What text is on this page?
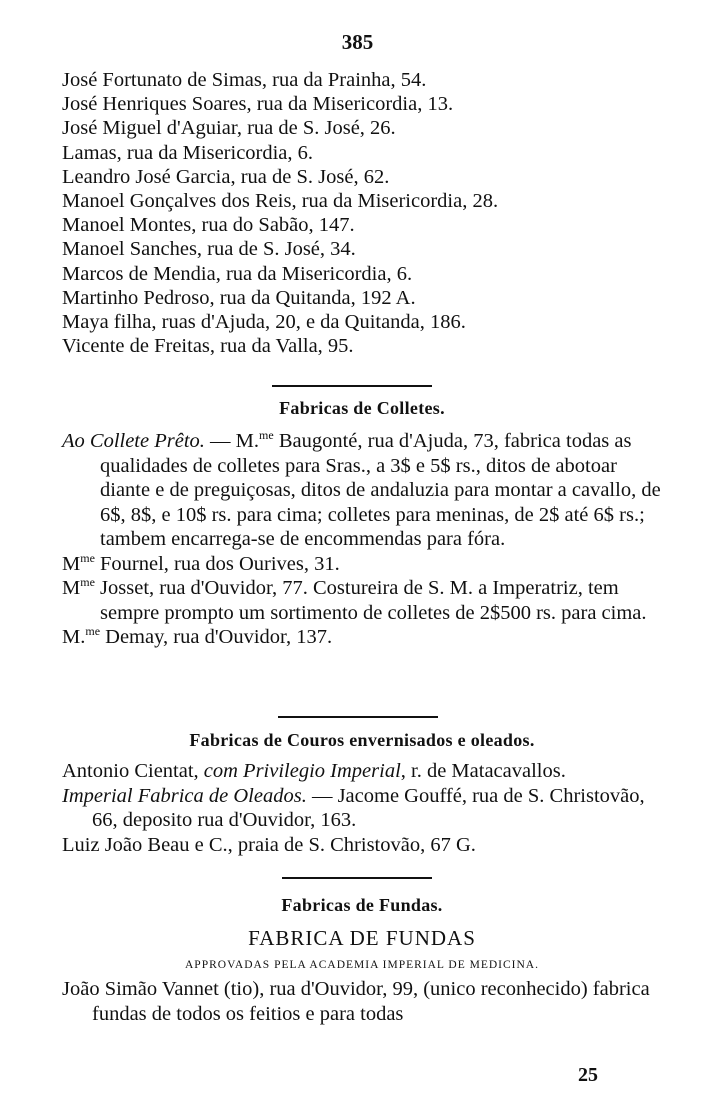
385
José Fortunato de Simas, rua da Prainha, 54.
José Henriques Soares, rua da Misericordia, 13.
José Miguel d'Aguiar, rua de S. José, 26.
Lamas, rua da Misericordia, 6.
Leandro José Garcia, rua de S. José, 62.
Manoel Gonçalves dos Reis, rua da Misericordia, 28.
Manoel Montes, rua do Sabão, 147.
Manoel Sanches, rua de S. José, 34.
Marcos de Mendia, rua da Misericordia, 6.
Martinho Pedroso, rua da Quitanda, 192 A.
Maya filha, ruas d'Ajuda, 20, e da Quitanda, 186.
Vicente de Freitas, rua da Valla, 95.
Fabricas de Colletes.
Ao Collete Prêto. — M.$^{me}$ Baugonté, rua d'Ajuda, 73, fabrica todas as qualidades de colletes para Sras., a 3$ e 5$ rs., ditos de abotoar diante e de preguiçosas, ditos de andaluzia para montar a cavallo, de 6$, 8$, e 10$ rs. para cima; colletes para meninas, de 2$ até 6$ rs.; tambem encarrega-se de encommendas para fóra.
$M^{me}$ Fournel, rua dos Ourives, 31.
$M^{me}$ Josset, rua d'Ouvidor, 77. Costureira de S. M. a Imperatriz, tem sempre prompto um sortimento de colletes de 2$500 rs. para cima.
M.$^{me}$ Demay, rua d'Ouvidor, 137.
Fabricas de Couros envernisados e oleados.
Antonio Cientat, com Privilegio Imperial, r. de Matacavallos.
Imperial Fabrica de Oleados. — Jacome Gouffé, rua de S. Christovão, 66, deposito rua d'Ouvidor, 163.
Luiz João Beau e C., praia de S. Christovão, 67 G.
Fabricas de Fundas.
FABRICA DE FUNDAS
APPROVADAS PELA ACADEMIA IMPERIAL DE MEDICINA.
João Simão Vannet (tio), rua d'Ouvidor, 99, (unico reconhecido) fabrica fundas de todos os feitios e para todas
25
